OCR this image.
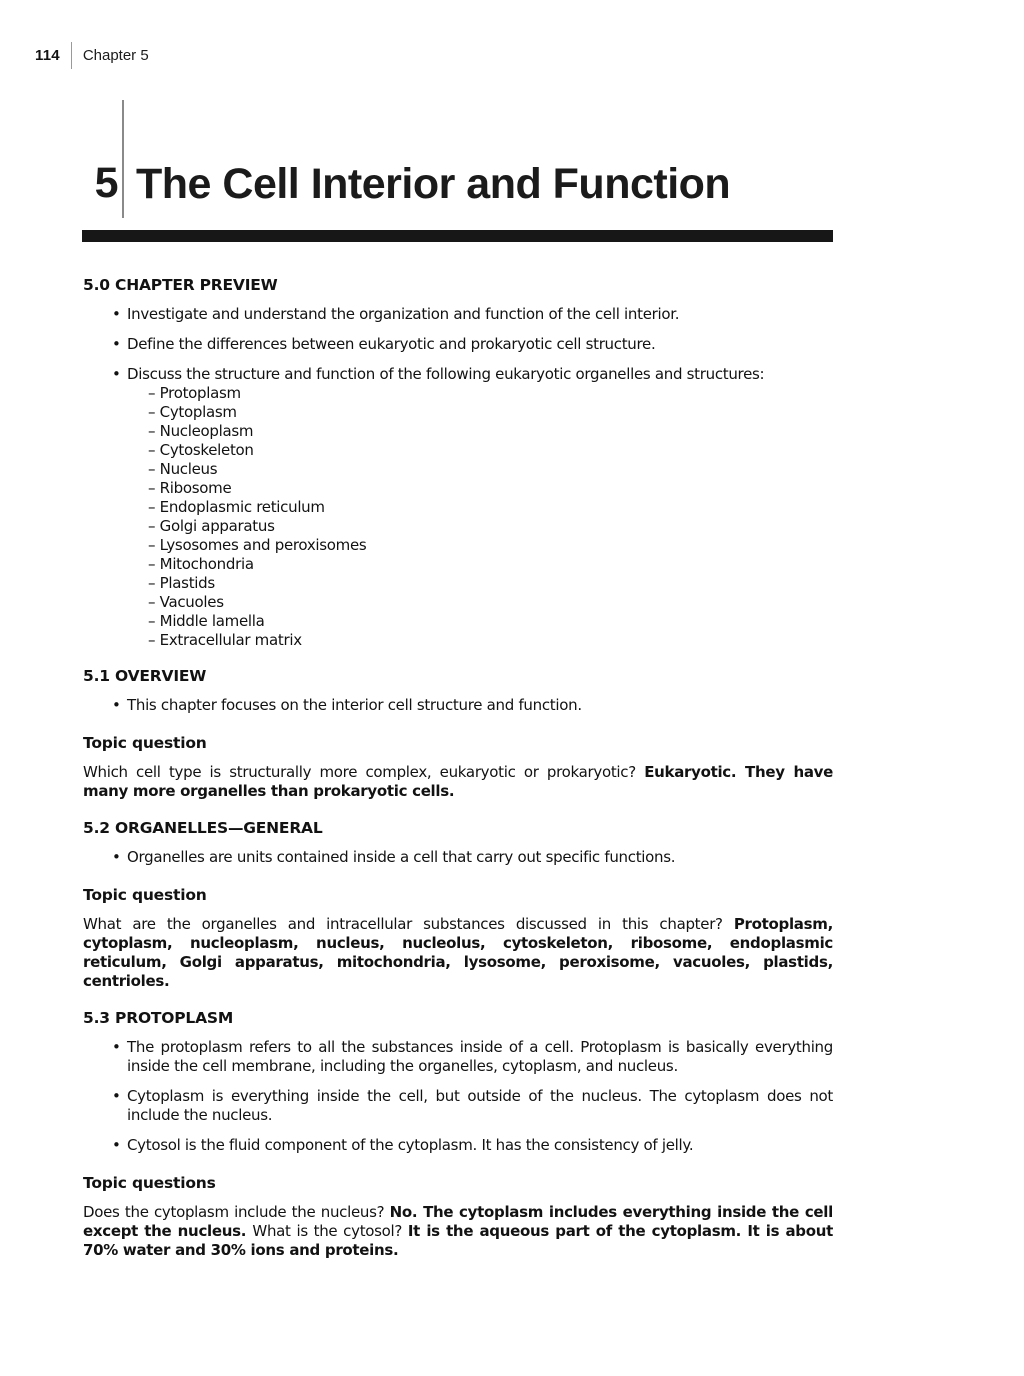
114 Chapter 5
5 The Cell Interior and Function
5.0 CHAPTER PREVIEW
• Investigate and understand the organization and function of the cell interior.
• Define the differences between eukaryotic and prokaryotic cell structure.
• Discuss the structure and function of the following eukaryotic organelles and structures:
– Protoplasm
– Cytoplasm
– Nucleoplasm
– Cytoskeleton
– Nucleus
– Ribosome
– Endoplasmic reticulum
– Golgi apparatus
– Lysosomes and peroxisomes
– Mitochondria
– Plastids
– Vacuoles
– Middle lamella
– Extracellular matrix
5.1 OVERVIEW
• This chapter focuses on the interior cell structure and function.
Topic question

Which cell type is structurally more complex, eukaryotic or prokaryotic? Eukaryotic. They have many more organelles than prokaryotic cells.

5.2 ORGANELLES—GENERAL
• Organelles are units contained inside a cell that carry out specific functions.
Topic question

What are the organelles and intracellular substances discussed in this chapter? Protoplasm, cytoplasm, nucleoplasm, nucleus, nucleolus, cytoskeleton, ribosome, endoplasmic reticulum, Golgi apparatus, mitochondria, lysosome, peroxisome, vacuoles, plastids, centrioles.

5.3 PROTOPLASM
• The protoplasm refers to all the substances inside of a cell. Protoplasm is basically everything inside the cell membrane, including the organelles, cytoplasm, and nucleus.
• Cytoplasm is everything inside the cell, but outside of the nucleus. The cytoplasm does not include the nucleus.
• Cytosol is the fluid component of the cytoplasm. It has the consistency of jelly.
Topic questions

Does the cytoplasm include the nucleus? No. The cytoplasm includes everything inside the cell except the nucleus. What is the cytosol? It is the aqueous part of the cytoplasm. It is about 70% water and 30% ions and proteins.
